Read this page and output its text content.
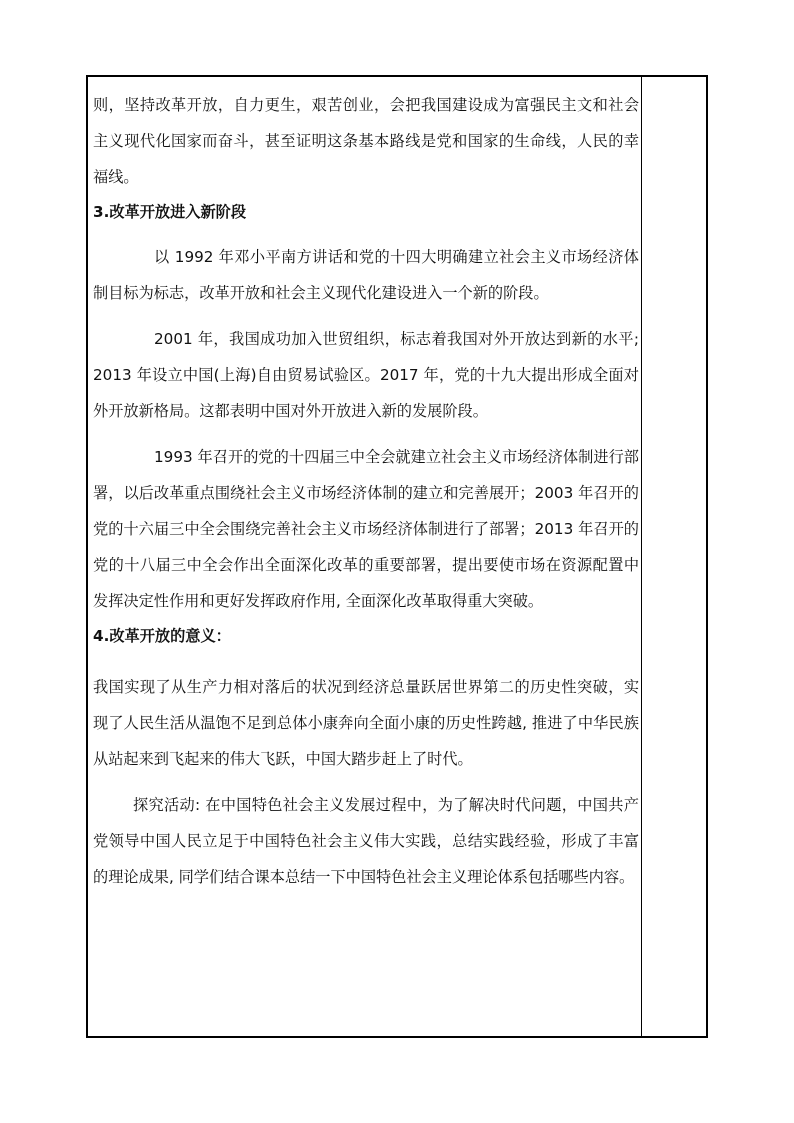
则，坚持改革开放，自力更生，艰苦创业，会把我国建设成为富强民主文和社会主义现代化国家而奋斗，甚至证明这条基本路线是党和国家的生命线，人民的幸福线。

3.改革开放进入新阶段

以 1992 年邓小平南方讲话和党的十四大明确建立社会主义市场经济体制目标为标志，改革开放和社会主义现代化建设进入一个新的阶段。

2001 年，我国成功加入世贸组织，标志着我国对外开放达到新的水平; 2013 年设立中国(上海)自由贸易试验区。2017 年，党的十九大提出形成全面对外开放新格局。这都表明中国对外开放进入新的发展阶段。

1993 年召开的党的十四届三中全会就建立社会主义市场经济体制进行部署，以后改革重点围绕社会主义市场经济体制的建立和完善展开；2003 年召开的党的十六届三中全会围绕完善社会主义市场经济体制进行了部署；2013 年召开的党的十八届三中全会作出全面深化改革的重要部署，提出要使市场在资源配置中发挥决定性作用和更好发挥政府作用, 全面深化改革取得重大突破。

4.改革开放的意义：

我国实现了从生产力相对落后的状况到经济总量跃居世界第二的历史性突破，实现了人民生活从温饱不足到总体小康奔向全面小康的历史性跨越, 推进了中华民族从站起来到飞起来的伟大飞跃，中国大踏步赶上了时代。

探究活动: 在中国特色社会主义发展过程中，为了解决时代问题，中国共产党领导中国人民立足于中国特色社会主义伟大实践，总结实践经验，形成了丰富的理论成果, 同学们结合课本总结一下中国特色社会主义理论体系包括哪些内容。
